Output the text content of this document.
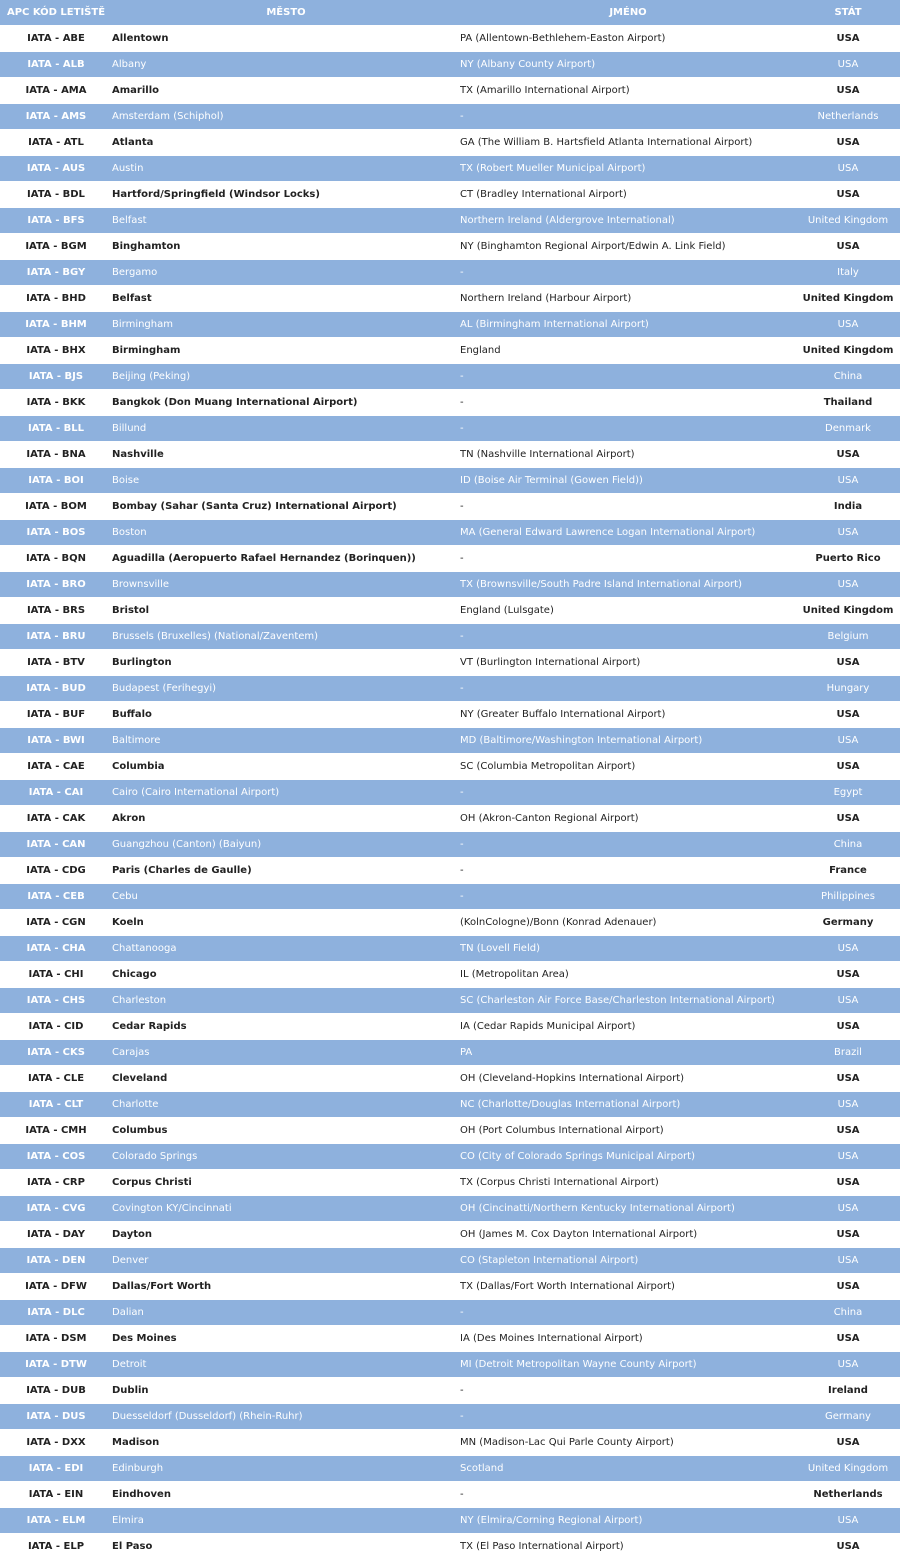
APC KÓD LETIŠTĚ	MĚSTO	JMÉNO	STÁT
IATA - ABE	Allentown	PA (Allentown-Bethlehem-Easton Airport)	USA
IATA - ALB	Albany	NY (Albany County Airport)	USA
IATA - AMA	Amarillo	TX (Amarillo International Airport)	USA
IATA - AMS	Amsterdam (Schiphol)	-	Netherlands
IATA - ATL	Atlanta	GA (The William B. Hartsfield Atlanta International Airport)	USA
IATA - AUS	Austin	TX (Robert Mueller Municipal Airport)	USA
IATA - BDL	Hartford/Springfield (Windsor Locks)	CT (Bradley International Airport)	USA
IATA - BFS	Belfast	Northern Ireland (Aldergrove International)	United Kingdom
IATA - BGM	Binghamton	NY (Binghamton Regional Airport/Edwin A. Link Field)	USA
IATA - BGY	Bergamo	-	Italy
IATA - BHD	Belfast	Northern Ireland (Harbour Airport)	United Kingdom
IATA - BHM	Birmingham	AL (Birmingham International Airport)	USA
IATA - BHX	Birmingham	England	United Kingdom
IATA - BJS	Beijing (Peking)	-	China
IATA - BKK	Bangkok (Don Muang International Airport)	-	Thailand
IATA - BLL	Billund	-	Denmark
IATA - BNA	Nashville	TN (Nashville International Airport)	USA
IATA - BOI	Boise	ID (Boise Air Terminal (Gowen Field))	USA
IATA - BOM	Bombay (Sahar (Santa Cruz) International Airport)	-	India
IATA - BOS	Boston	MA (General Edward Lawrence Logan International Airport)	USA
IATA - BQN	Aguadilla (Aeropuerto Rafael Hernandez (Borinquen))	-	Puerto Rico
IATA - BRO	Brownsville	TX (Brownsville/South Padre Island International Airport)	USA
IATA - BRS	Bristol	England (Lulsgate)	United Kingdom
IATA - BRU	Brussels (Bruxelles) (National/Zaventem)	-	Belgium
IATA - BTV	Burlington	VT (Burlington International Airport)	USA
IATA - BUD	Budapest (Ferihegyi)	-	Hungary
IATA - BUF	Buffalo	NY (Greater Buffalo International Airport)	USA
IATA - BWI	Baltimore	MD (Baltimore/Washington International Airport)	USA
IATA - CAE	Columbia	SC (Columbia Metropolitan Airport)	USA
IATA - CAI	Cairo (Cairo International Airport)	-	Egypt
IATA - CAK	Akron	OH (Akron-Canton Regional Airport)	USA
IATA - CAN	Guangzhou (Canton) (Baiyun)	-	China
IATA - CDG	Paris (Charles de Gaulle)	-	France
IATA - CEB	Cebu	-	Philippines
IATA - CGN	Koeln	(KolnCologne)/Bonn (Konrad Adenauer)	Germany
IATA - CHA	Chattanooga	TN (Lovell Field)	USA
IATA - CHI	Chicago	IL (Metropolitan Area)	USA
IATA - CHS	Charleston	SC (Charleston Air Force Base/Charleston International Airport)	USA
IATA - CID	Cedar Rapids	IA (Cedar Rapids Municipal Airport)	USA
IATA - CKS	Carajas	PA	Brazil
IATA - CLE	Cleveland	OH (Cleveland-Hopkins International Airport)	USA
IATA - CLT	Charlotte	NC (Charlotte/Douglas International Airport)	USA
IATA - CMH	Columbus	OH (Port Columbus International Airport)	USA
IATA - COS	Colorado Springs	CO (City of Colorado Springs Municipal Airport)	USA
IATA - CRP	Corpus Christi	TX (Corpus Christi International Airport)	USA
IATA - CVG	Covington KY/Cincinnati	OH (Cincinatti/Northern Kentucky International Airport)	USA
IATA - DAY	Dayton	OH (James M. Cox Dayton International Airport)	USA
IATA - DEN	Denver	CO (Stapleton International Airport)	USA
IATA - DFW	Dallas/Fort Worth	TX (Dallas/Fort Worth International Airport)	USA
IATA - DLC	Dalian	-	China
IATA - DSM	Des Moines	IA (Des Moines International Airport)	USA
IATA - DTW	Detroit	MI (Detroit Metropolitan Wayne County Airport)	USA
IATA - DUB	Dublin	-	Ireland
IATA - DUS	Duesseldorf (Dusseldorf) (Rhein-Ruhr)	-	Germany
IATA - DXX	Madison	MN (Madison-Lac Qui Parle County Airport)	USA
IATA - EDI	Edinburgh	Scotland	United Kingdom
IATA - EIN	Eindhoven	-	Netherlands
IATA - ELM	Elmira	NY (Elmira/Corning Regional Airport)	USA
IATA - ELP	El Paso	TX (El Paso International Airport)	USA
